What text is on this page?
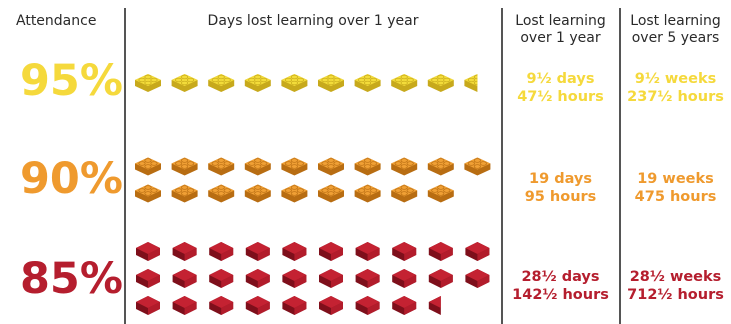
Attendance	Days lost learning over 1 year	Lost learning
over 1 year
Lost learning
over 5 years
95%
90%
85%
9½ days
47½ hours
19 days
95 hours
28½ days
142½ hours
9½ weeks
237½ hours
19 weeks
475 hours
28½ weeks
712½ hours
